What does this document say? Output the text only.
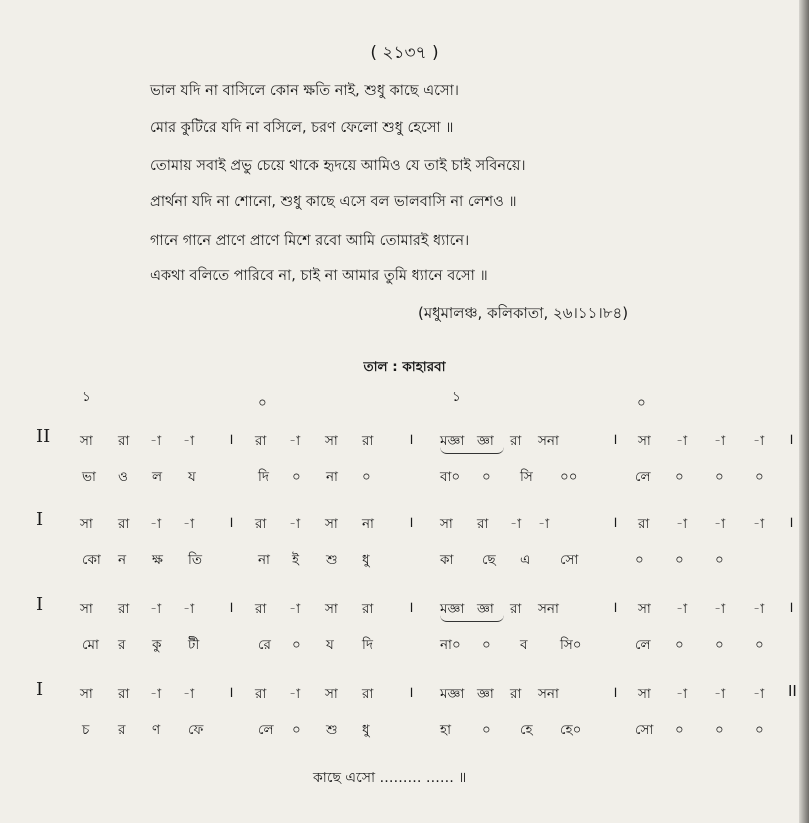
( ২১৩৭ )
ভাল যদি না বাসিলে কোন ক্ষতি নাই, শুধু কাছে এসো।
মোর কুটিরে যদি না বসিলে, চরণ ফেলো শুধু হেসো ॥
তোমায় সবাই প্রভু চেয়ে থাকে হৃদয়ে আমিও যে তাই চাই সবিনয়ে।
প্রার্থনা যদি না শোনো, শুধু কাছে এসে বল ভালবাসি না লেশও ॥
গানে গানে প্রাণে প্রাণে মিশে রবো আমি তোমারই ধ্যানে।
একথা বলিতে পারিবে না, চাই না আমার তুমি ধ্যানে বসো ॥
(মধুমালঞ্চ, কলিকাতা, ২৬।১১।৮৪)
তাল : কাহারবা
১	০	১	০
II সা রা -া -া । রা -া সা রা । মজ্ঞা জ্ঞা রা সনা	। সা -া -া -া ।
ভা ও ল য	দি ০ না ০	বা০ ০ সি ০০	লে ০ ০ ০
I	সা রা -া -া । রা -া সা না । সা রা -া -া	। রা -া -া -া ।
কো ন ক্ষ তি	না ই শু ধু	কা ছে এ সো	০ ০ ০
I	সা রা -া -া । রা -া সা রা । মজ্ঞা জ্ঞা রা সনা	। সা -া -া -া ।
মো র কু টী	রে ০ য দি	না০ ০ ব সি০	লে ০ ০ ০
I	সা রা -া -া । রা -া সা রা । মজ্ঞা জ্ঞা রা সনা	। সা -া -া -া II
চ র ণ ফে	লে ০ শু ধু	হা ০ হে হে০	সো ০ ০ ০
কাছে এসো ……… …… ॥
